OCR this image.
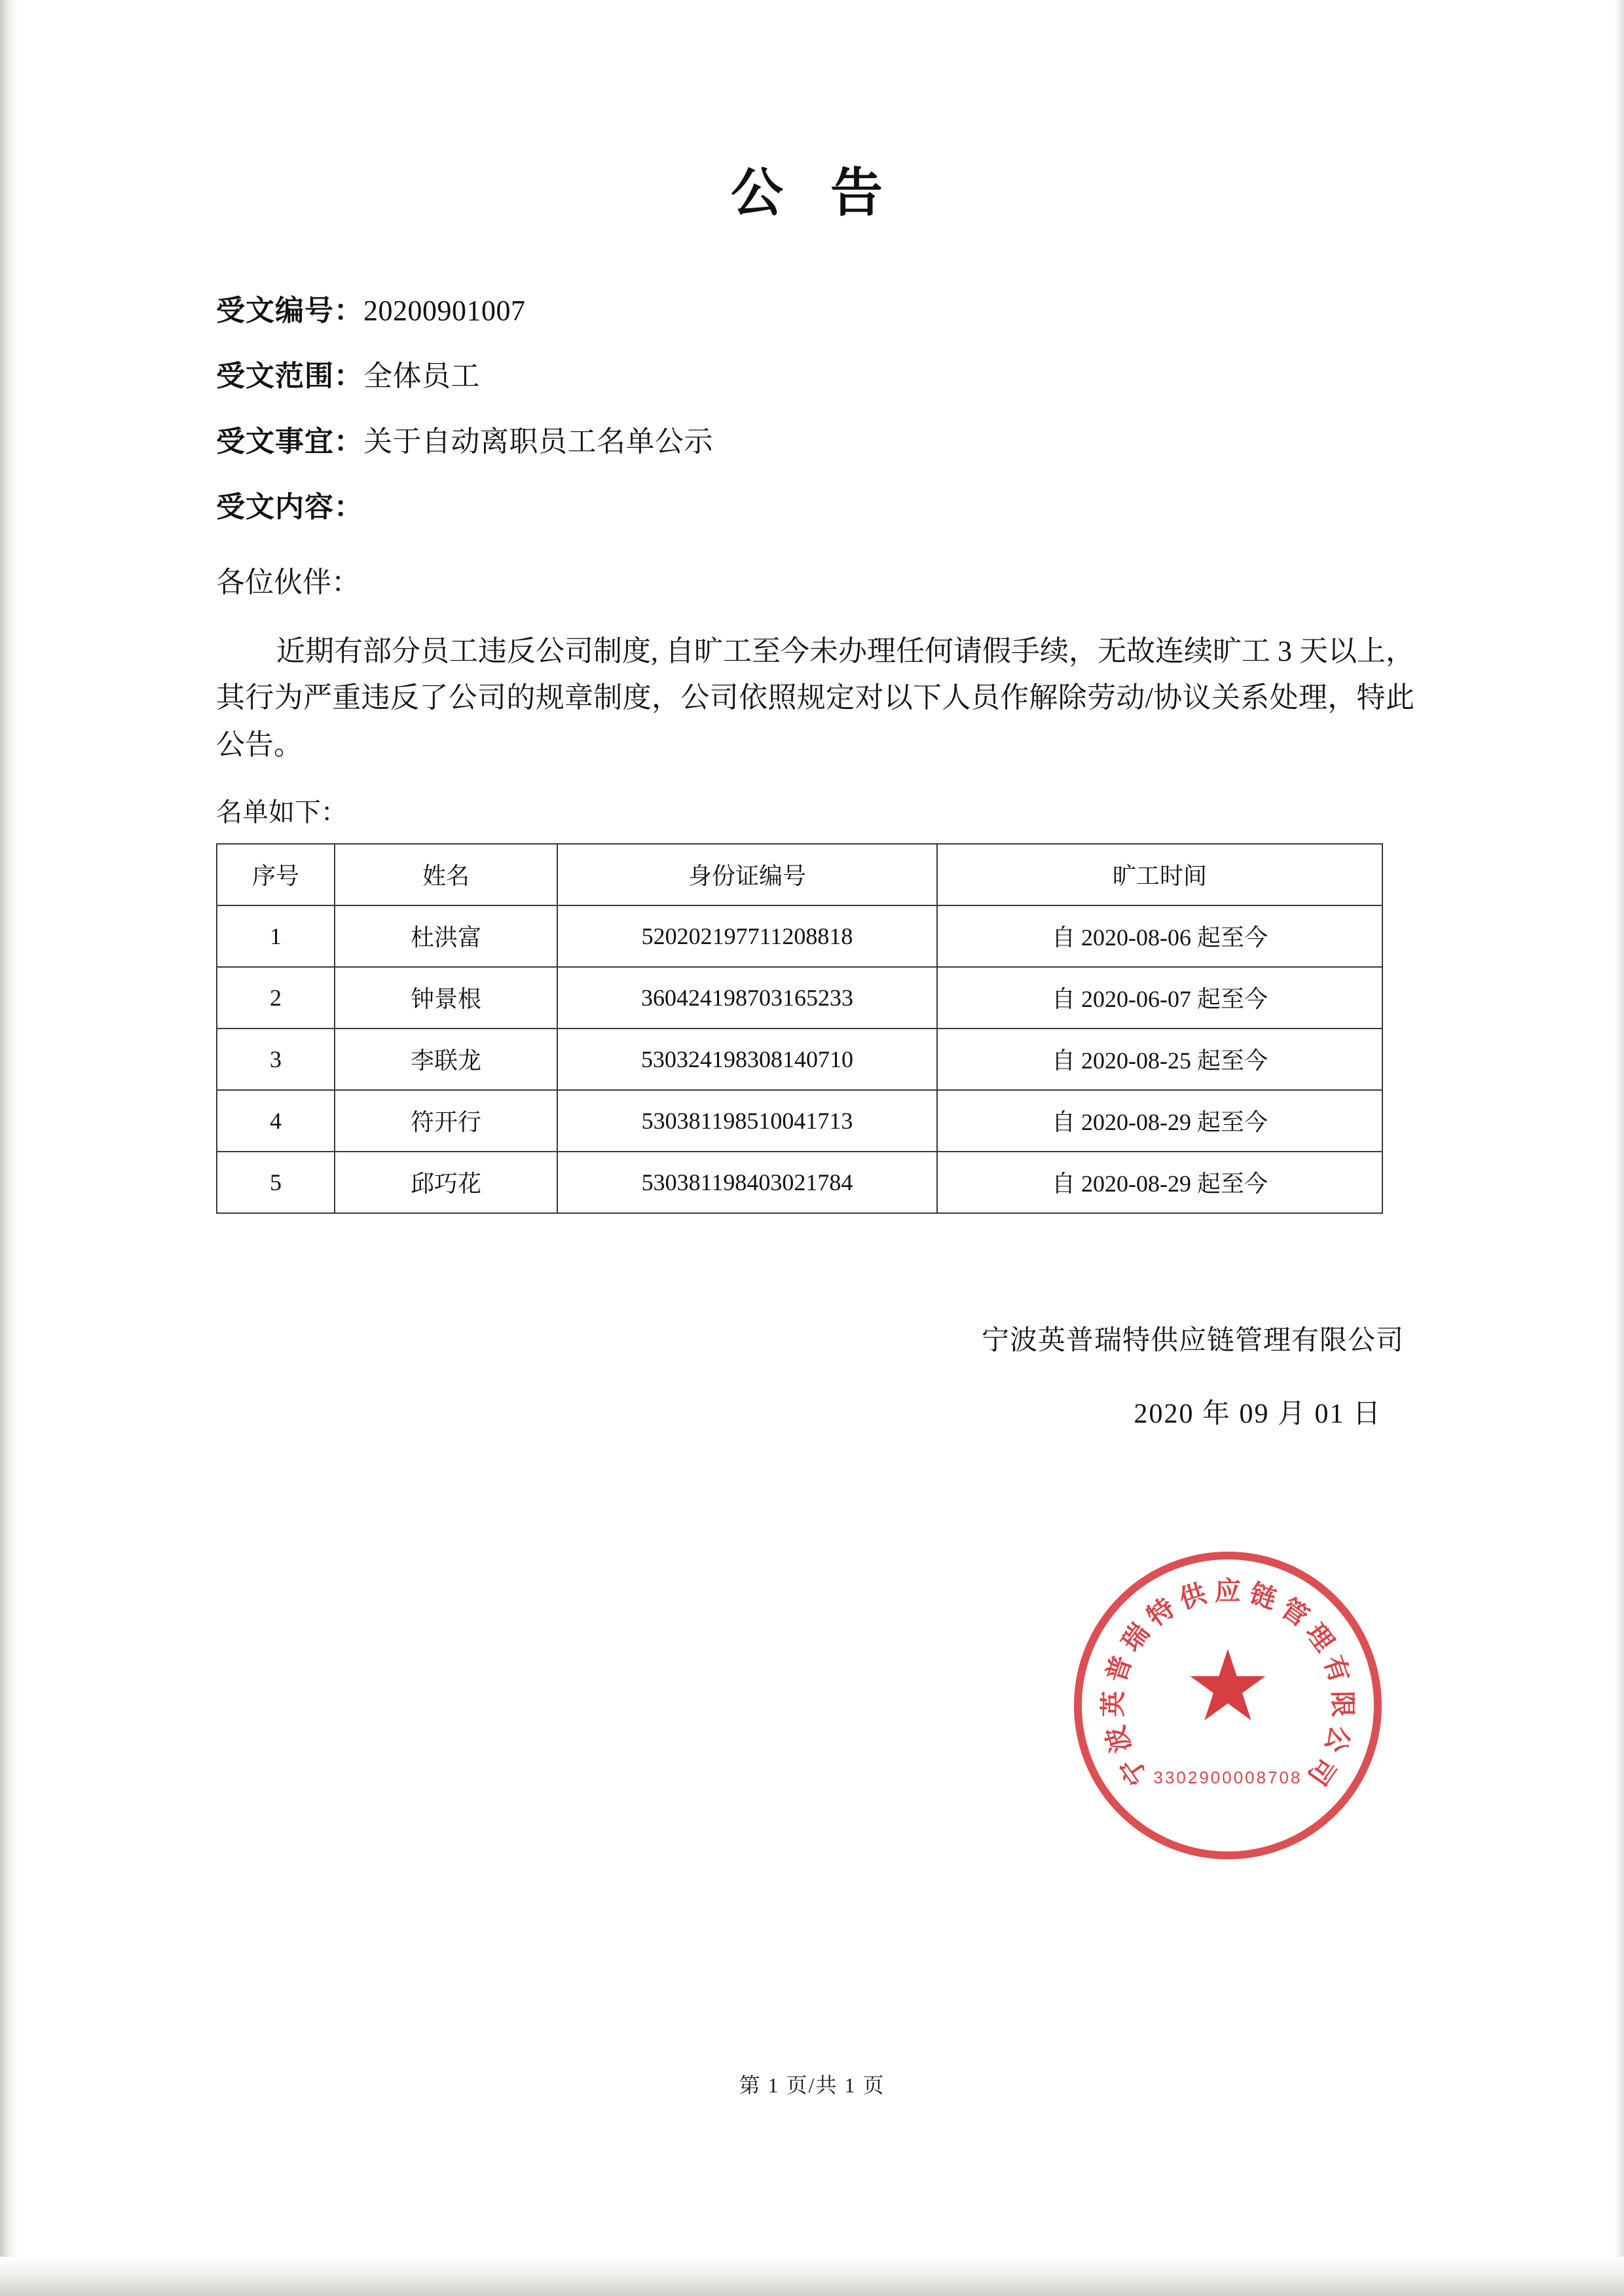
公 告
受文编号：20200901007
受文范围：全体员工
受文事宜：关于自动离职员工名单公示
受文内容：
各位伙伴：

近期有部分员工违反公司制度, 自旷工至今未办理任何请假手续，无故连续旷工 3 天以上，其行为严重违反了公司的规章制度，公司依照规定对以下人员作解除劳动/协议关系处理，特此公告。

名单如下：
序号	姓名	身份证编号	旷工时间
1	杜洪富	520202197711208818	自 2020-08-06 起至今
2	钟景根	360424198703165233	自 2020-06-07 起至今
3	李联龙	530324198308140710	自 2020-08-25 起至今
4	符开行	530381198510041713	自 2020-08-29 起至今
5	邱巧花	530381198403021784	自 2020-08-29 起至今
宁波英普瑞特供应链管理有限公司
2020 年 09 月 01 日
宁
波
英
普
瑞
特
供 应 链
管
理
有
限
公
司
★
3302900008708
第 1 页/共 1 页
